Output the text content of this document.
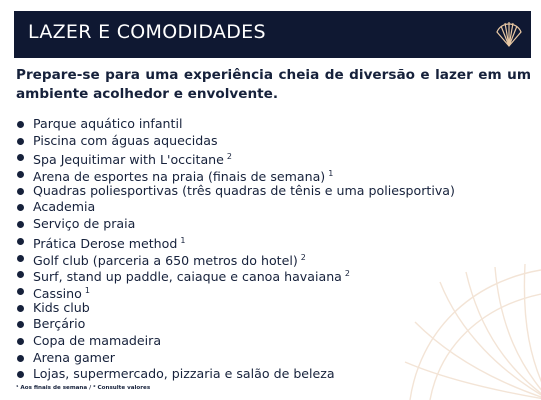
LAZER E COMODIDADES
Prepare-se para uma experiência cheia de diversão e lazer em um ambiente acolhedor e envolvente.
Parque aquático infantil
Piscina com águas aquecidas
Spa Jequitimar with L'occitane $^2$
Arena de esportes na praia (finais de semana) $^1$
Quadras poliesportivas (três quadras de tênis e uma poliesportiva)
Academia
Serviço de praia
Prática Derose method $^1$
Golf club (parceria a 650 metros do hotel) $^2$
Surf, stand up paddle, caiaque e canoa havaiana $^2$
Cassino $^1$
Kids club
Berçário
Copa de mamadeira
Arena gamer
Lojas, supermercado, pizzaria e salão de beleza
¹ Aos finais de semana / ² Consulte valores
